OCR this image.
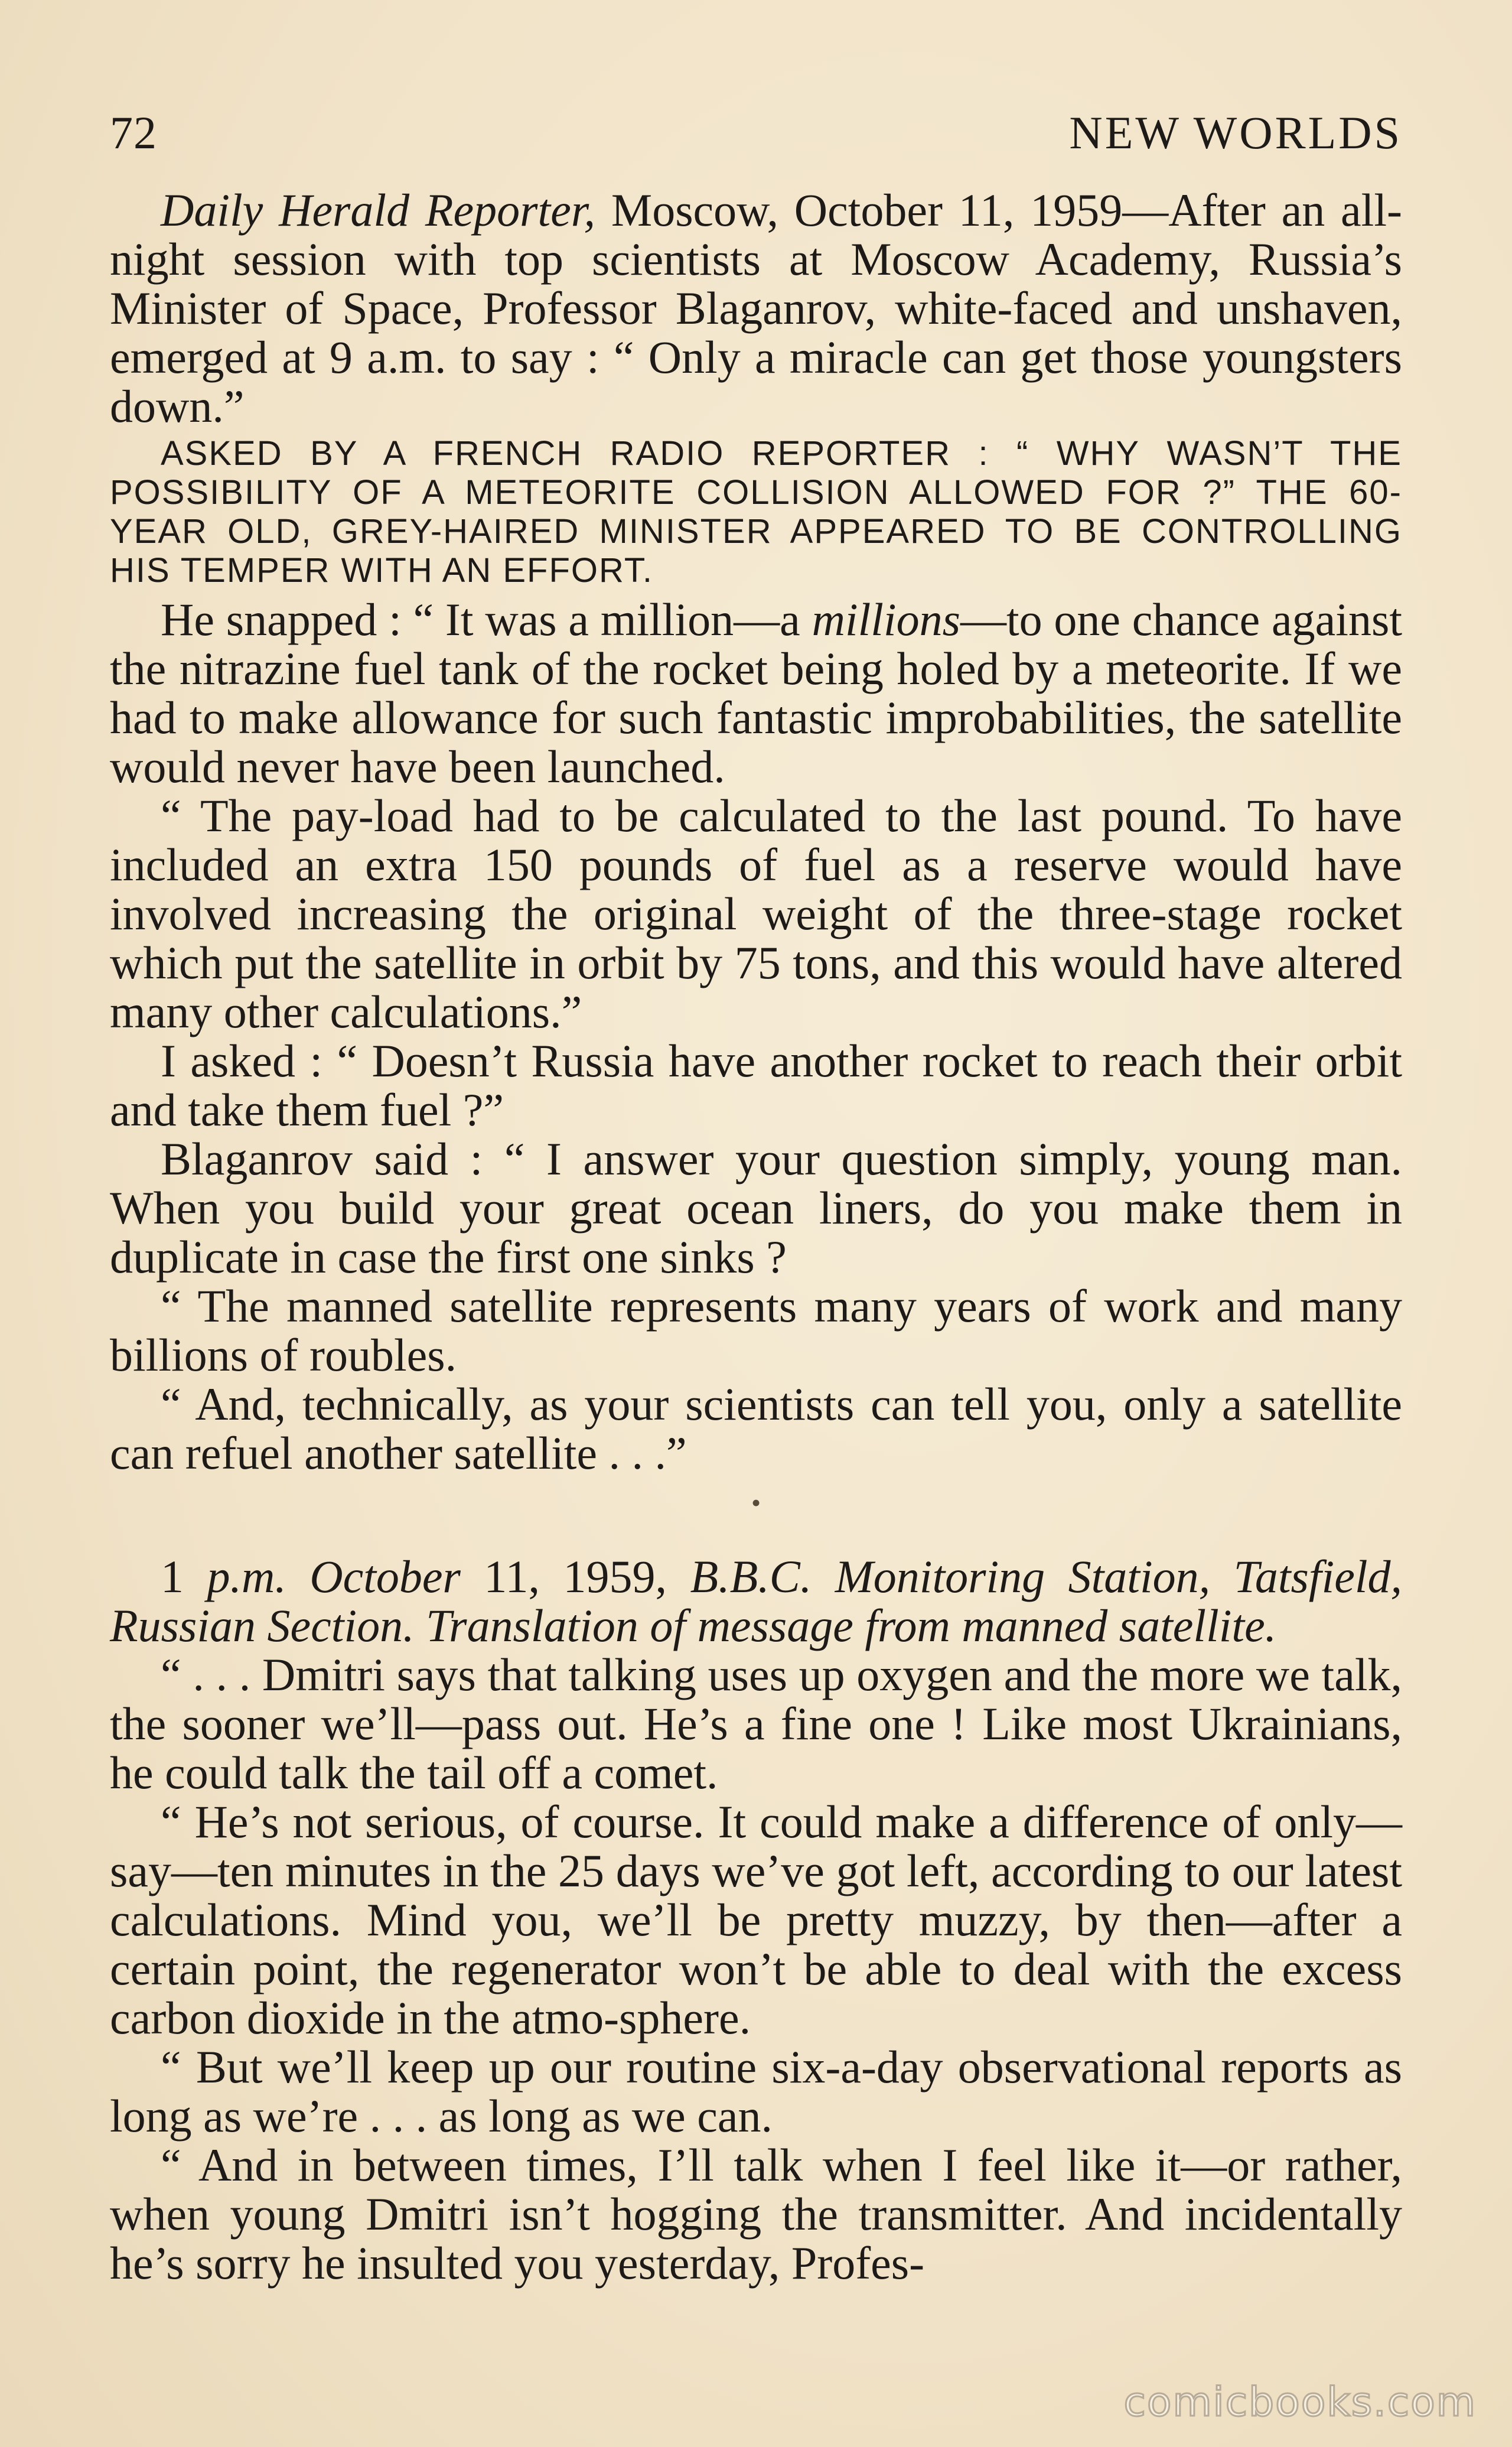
72	NEW WORLDS

Daily Herald Reporter, Moscow, October 11, 1959—After an all-night session with top scientists at Moscow Academy, Russia’s Minister of Space, Professor Blaganrov, white-faced and unshaven, emerged at 9 a.m. to say : “ Only a miracle can get those youngsters down.”

ASKED BY A FRENCH RADIO REPORTER : “ WHY WASN’T THE POSSIBILITY OF A METEORITE COLLISION ALLOWED FOR ?” THE 60-YEAR OLD, GREY-HAIRED MINISTER APPEARED TO BE CONTROLLING HIS TEMPER WITH AN EFFORT.

He snapped : “ It was a million—a millions—to one chance against the nitrazine fuel tank of the rocket being holed by a meteorite. If we had to make allowance for such fantastic improbabilities, the satellite would never have been launched.

“ The pay-load had to be calculated to the last pound. To have included an extra 150 pounds of fuel as a reserve would have involved increasing the original weight of the three-stage rocket which put the satellite in orbit by 75 tons, and this would have altered many other calculations.”

I asked : “ Doesn’t Russia have another rocket to reach their orbit and take them fuel ?”

Blaganrov said : “ I answer your question simply, young man. When you build your great ocean liners, do you make them in duplicate in case the first one sinks ?

“ The manned satellite represents many years of work and many billions of roubles.

“ And, technically, as your scientists can tell you, only a satellite can refuel another satellite . . .”

•

1 p.m. October 11, 1959, B.B.C. Monitoring Station, Tatsfield, Russian Section. Translation of message from manned satellite.

“ . . . Dmitri says that talking uses up oxygen and the more we talk, the sooner we’ll—pass out. He’s a fine one ! Like most Ukrainians, he could talk the tail off a comet.

“ He’s not serious, of course. It could make a difference of only—say—ten minutes in the 25 days we’ve got left, according to our latest calculations. Mind you, we’ll be pretty muzzy, by then—after a certain point, the regenerator won’t be able to deal with the excess carbon dioxide in the atmo-sphere.

“ But we’ll keep up our routine six-a-day observational reports as long as we’re . . . as long as we can.

“ And in between times, I’ll talk when I feel like it—or rather, when young Dmitri isn’t hogging the transmitter. And incidentally he’s sorry he insulted you yesterday, Profes-

comicbooks.com
